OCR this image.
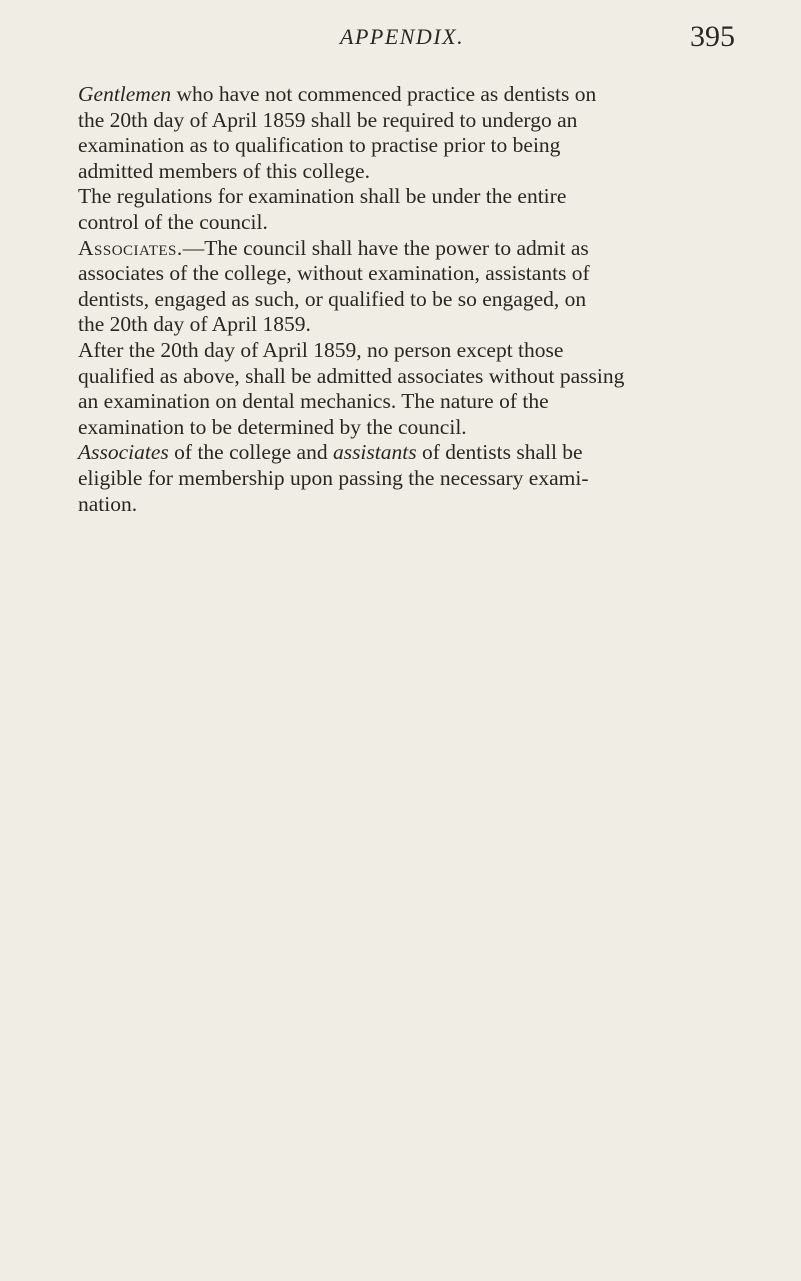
APPENDIX.	395

Gentlemen who have not commenced practice as dentists on
the 20th day of April 1859 shall be required to undergo an
examination as to qualification to practise prior to being
admitted members of this college.

The regulations for examination shall be under the entire
control of the council.

Associates.—The council shall have the power to admit as
associates of the college, without examination, assistants of
dentists, engaged as such, or qualified to be so engaged, on
the 20th day of April 1859.

After the 20th day of April 1859, no person except those
qualified as above, shall be admitted associates without passing
an examination on dental mechanics. The nature of the
examination to be determined by the council.

Associates of the college and assistants of dentists shall be
eligible for membership upon passing the necessary exami-
nation.
